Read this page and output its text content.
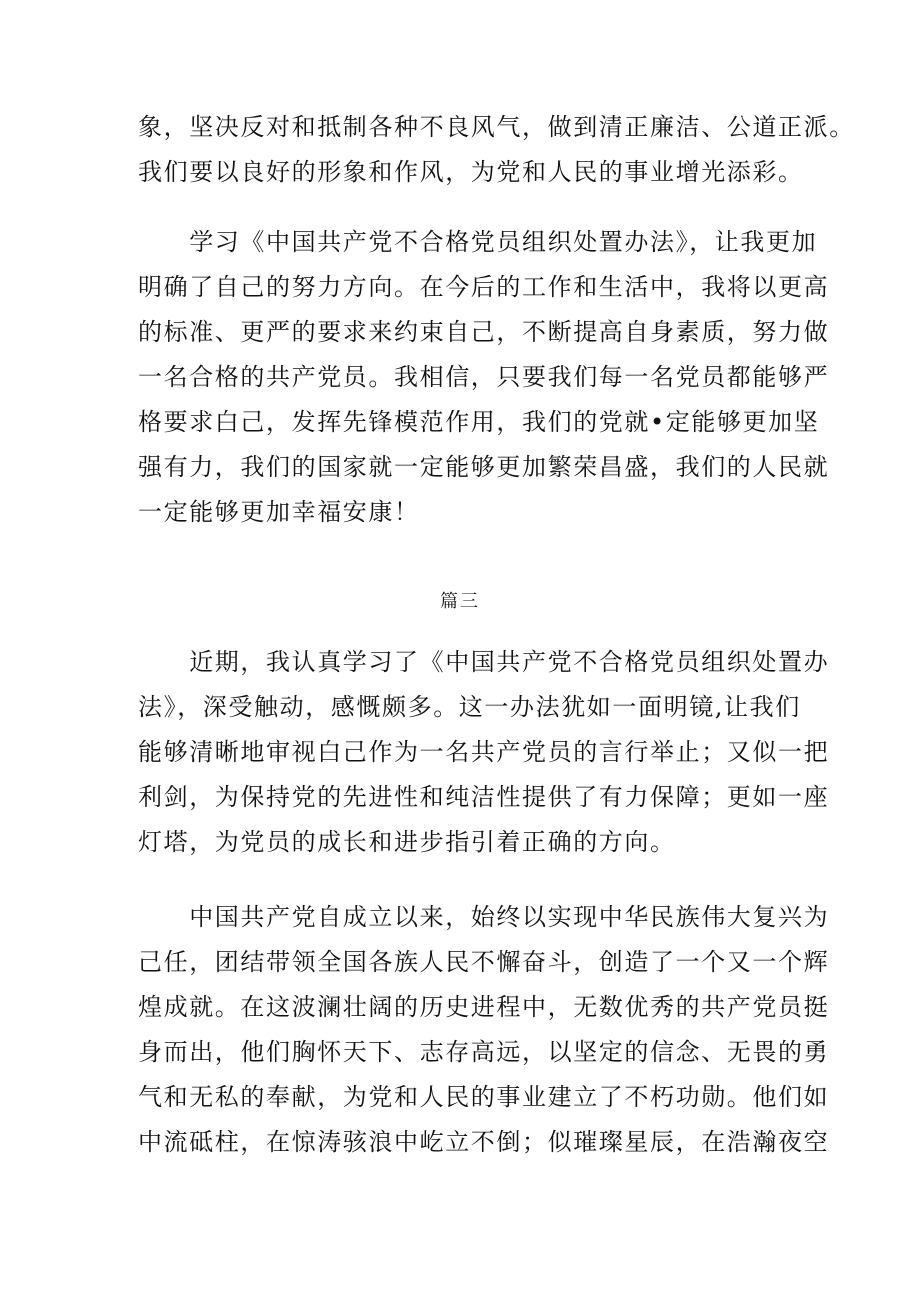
象，坚决反对和抵制各种不良风气，做到清正廉洁、公道正派。
我们要以良好的形象和作风，为党和人民的事业增光添彩。
　　学习《中国共产党不合格党员组织处置办法》，让我更加
明确了自己的努力方向。在今后的工作和生活中，我将以更高
的标准、更严的要求来约束自己，不断提高自身素质，努力做
一名合格的共产党员。我相信，只要我们每一名党员都能够严
格要求白己，发挥先锋模范作用，我们的党就•定能够更加坚
强有力，我们的国家就一定能够更加繁荣昌盛，我们的人民就
一定能够更加幸福安康！
篇三
　　近期，我认真学习了《中国共产党不合格党员组织处置办
法》，深受触动，感慨颇多。这一办法犹如一面明镜,让我们
能够清晰地审视白己作为一名共产党员的言行举止；又似一把
利剑，为保持党的先进性和纯洁性提供了有力保障；更如一座
灯塔，为党员的成长和进步指引着正确的方向。
　　中国共产党自成立以来，始终以实现中华民族伟大复兴为
己任，团结带领全国各族人民不懈奋斗，创造了一个又一个辉
煌成就。在这波澜壮阔的历史进程中，无数优秀的共产党员挺
身而出，他们胸怀天下、志存高远，以坚定的信念、无畏的勇
气和无私的奉献，为党和人民的事业建立了不朽功勋。他们如
中流砥柱，在惊涛骇浪中屹立不倒；似璀璨星辰，在浩瀚夜空
